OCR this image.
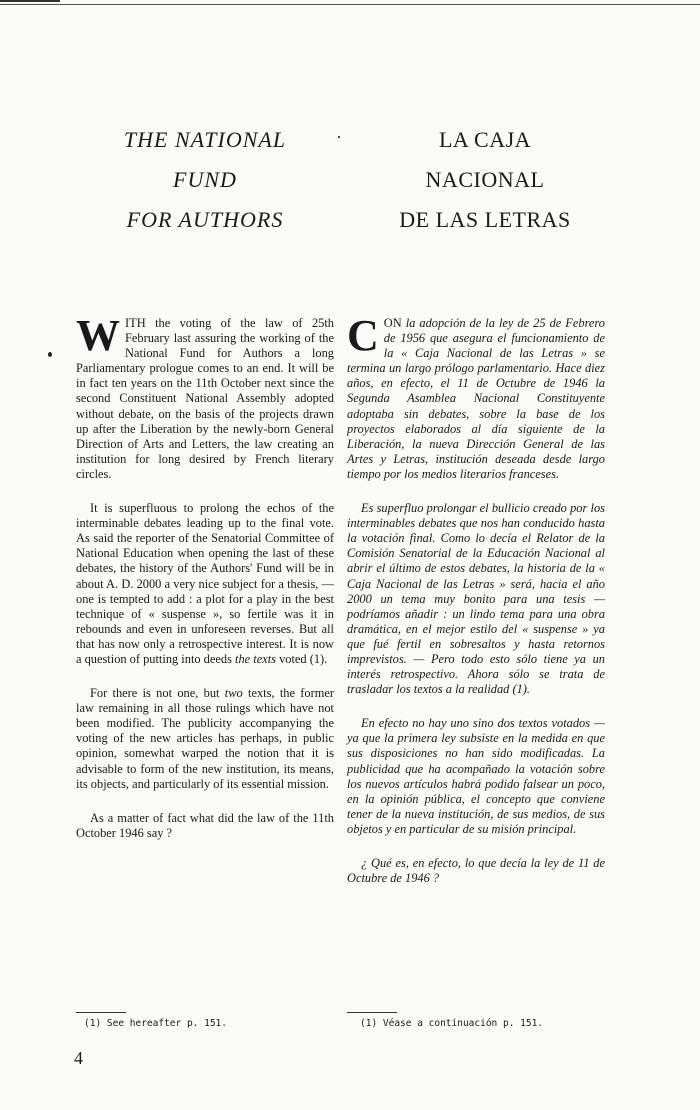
THE NATIONAL
FUND
FOR AUTHORS
LA CAJA
NACIONAL
DE LAS LETRAS

W ITH the voting of the law of 25th February last assuring the working of the National Fund for Authors a long Parliamentary prologue comes to an end. It will be in fact ten years on the 11th October next since the second Constituent National Assembly adopted without debate, on the basis of the projects drawn up after the Liberation by the newly-born General Direction of Arts and Letters, the law creating an institution for long desired by French literary circles.

It is superfluous to prolong the echos of the interminable debates leading up to the final vote. As said the reporter of the Senatorial Committee of National Education when opening the last of these debates, the history of the Authors' Fund will be in about A. D. 2000 a very nice subject for a thesis, — one is tempted to add : a plot for a play in the best technique of « suspense », so fertile was it in rebounds and even in unforeseen reverses. But all that has now only a retrospective interest. It is now a question of putting into deeds the texts voted (1).

For there is not one, but two texts, the former law remaining in all those rulings which have not been modified. The publicity accompanying the voting of the new articles has perhaps, in public opinion, somewhat warped the notion that it is advisable to form of the new institution, its means, its objects, and particularly of its essential mission.

As a matter of fact what did the law of the 11th October 1946 say ?

C ON la adopción de la ley de 25 de Febrero de 1956 que asegura el funcionamiento de la « Caja Nacional de las Letras » se termina un largo prólogo parlamentario. Hace diez años, en efecto, el 11 de Octubre de 1946 la Segunda Asamblea Nacional Constituyente adoptaba sin debates, sobre la base de los proyectos elaborados al día siguiente de la Liberación, la nueva Dirección General de las Artes y Letras, institución deseada desde largo tiempo por los medios literarios franceses.

Es superfluo prolongar el bullicio creado por los interminables debates que nos han conducido hasta la votación final. Como lo decía el Relator de la Comisión Senatorial de la Educación Nacional al abrir el último de estos debates, la historia de la « Caja Nacional de las Letras » será, hacia el año 2000 un tema muy bonito para una tesis — podríamos añadir : un lindo tema para una obra dramática, en el mejor estilo del « suspense » ya que fué fertil en sobresaltos y hasta retornos imprevistos. — Pero todo esto sólo tiene ya un interés retrospectivo. Ahora sólo se trata de trasladar los textos a la realidad (1).

En efecto no hay uno sino dos textos votados — ya que la primera ley subsiste en la medida en que sus disposiciones no han sido modificadas. La publicidad que ha acompañado la votación sobre los nuevos artículos habrá podido falsear un poco, en la opinión pública, el concepto que conviene tener de la nueva institución, de sus medios, de sus objetos y en particular de su misión principal.

¿ Qué es, en efecto, lo que decía la ley de 11 de Octubre de 1946 ?

(1) See hereafter p. 151.	(1) Véase a continuación p. 151.
4
